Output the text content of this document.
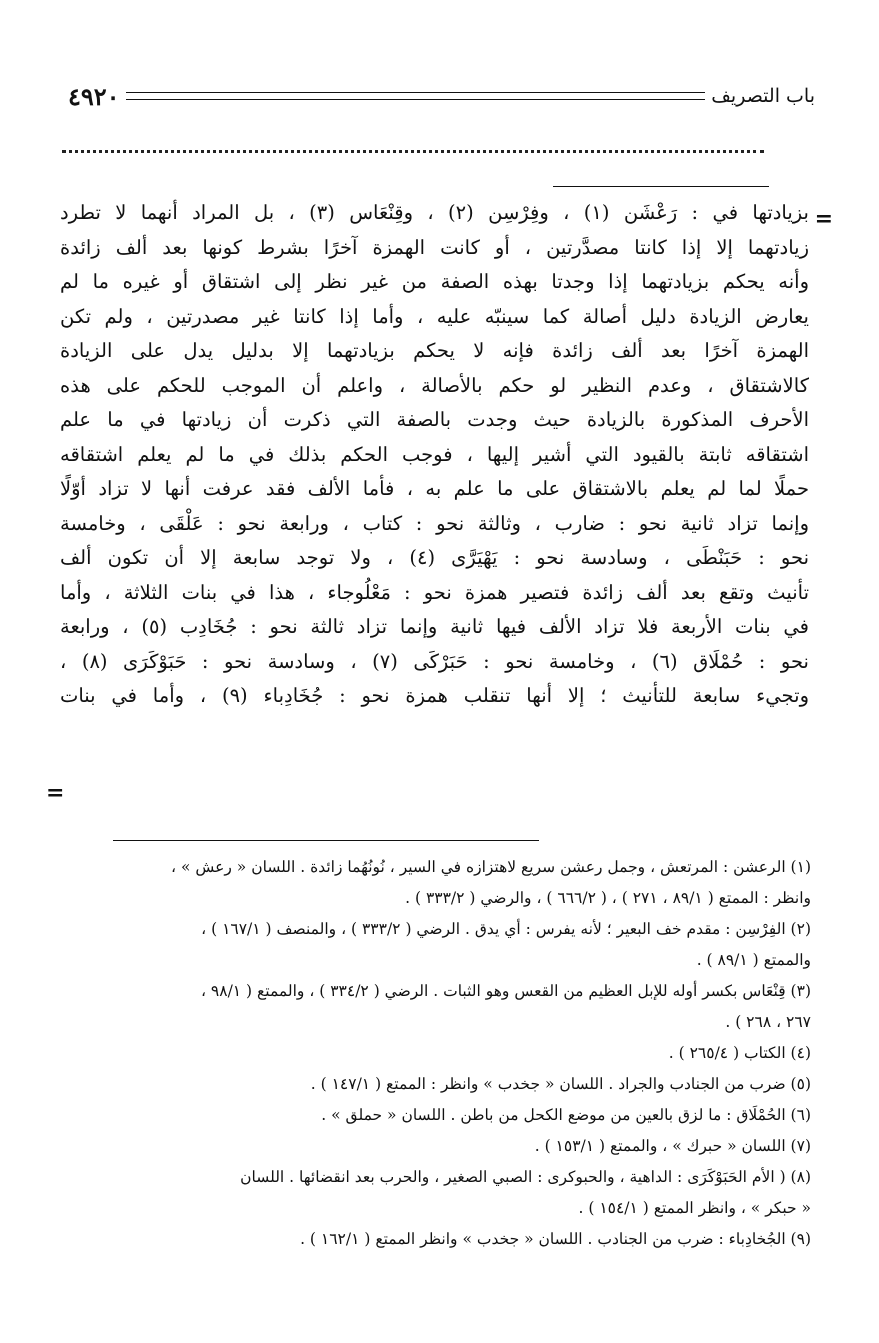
باب التصريف
٤٩٢٠
=

بزيادتها في : رَعْشَن (١) ، وفِرْسِن (٢) ، وقِنْعَاس (٣) ، بل المراد أنهما لا تطرد

زيادتهما إلا إذا كانتا مصدَّرتين ، أو كانت الهمزة آخرًا بشرط كونها بعد ألف زائدة

وأنه يحكم بزيادتهما إذا وجدتا بهذه الصفة من غير نظر إلى اشتقاق أو غيره ما لم

يعارض الزيادة دليل أصالة كما سينبّه عليه ، وأما إذا كانتا غير مصدرتين ، ولم تكن

الهمزة آخرًا بعد ألف زائدة فإنه لا يحكم بزيادتهما إلا بدليل يدل على الزيادة

كالاشتقاق ، وعدم النظير لو حكم بالأصالة ، واعلم أن الموجب للحكم على هذه

الأحرف المذكورة بالزيادة حيث وجدت بالصفة التي ذكرت أن زيادتها في ما علم

اشتقاقه ثابتة بالقيود التي أشير إليها ، فوجب الحكم بذلك في ما لم يعلم اشتقاقه

حملًا لما لم يعلم بالاشتقاق على ما علم به ، فأما الألف فقد عرفت أنها لا تزاد أوّلًا

وإنما تزاد ثانية نحو : ضارب ، وثالثة نحو : كتاب ، ورابعة نحو : عَلْقَى ، وخامسة

نحو : حَبَنْطَى ، وسادسة نحو : يَهْيَرَّى (٤) ، ولا توجد سابعة إلا أن تكون ألف

تأنيث وتقع بعد ألف زائدة فتصير همزة نحو : مَعْلُوجاء ، هذا في بنات الثلاثة ، وأما

في بنات الأربعة فلا تزاد الألف فيها ثانية وإنما تزاد ثالثة نحو : جُخَادِب (٥) ، ورابعة

نحو : حُمْلَاق (٦) ، وخامسة نحو : حَبَرْكَى (٧) ، وسادسة نحو : حَبَوْكَرَى (٨) ،

وتجيء سابعة للتأنيث ؛ إلا أنها تنقلب همزة نحو : جُخَادِباء (٩) ، وأما في بنات

=
(١) الرعشن : المرتعش ، وجمل رعشن سريع لاهتزازه في السير ، نُونُهُما زائدة . اللسان « رعش » ،
وانظر : الممتع ( ٨٩/١ ، ٢٧١ ) ، ( ٦٦٦/٢ ) ، والرضي ( ٣٣٣/٢ ) .
(٢) الفِرْسِن : مقدم خف البعير ؛ لأنه يفرس : أي يدق . الرضي ( ٣٣٣/٢ ) ، والمنصف ( ١٦٧/١ ) ،
والممتع ( ٨٩/١ ) .
(٣) قِنْعَاس بكسر أوله للإبل العظيم من القعس وهو الثبات . الرضي ( ٣٣٤/٢ ) ، والممتع ( ٩٨/١ ،
٢٦٧ ، ٢٦٨ ) .
(٤) الكتاب ( ٢٦٥/٤ ) .
(٥) ضرب من الجنادب والجراد . اللسان « جخدب » وانظر : الممتع ( ١٤٧/١ ) .
(٦) الحُمْلَاق : ما لزق بالعين من موضع الكحل من باطن . اللسان « حملق » .
(٧) اللسان « حبرك » ، والممتع ( ١٥٣/١ ) .
(٨) ( الأم الحَبَوْكَرَى : الداهية ، والحبوكرى : الصبي الصغير ، والحرب بعد انقضائها . اللسان
« حبكر » ، وانظر الممتع ( ١٥٤/١ ) .
(٩) الجُخادِباء : ضرب من الجنادب . اللسان « جخدب » وانظر الممتع ( ١٦٢/١ ) .
